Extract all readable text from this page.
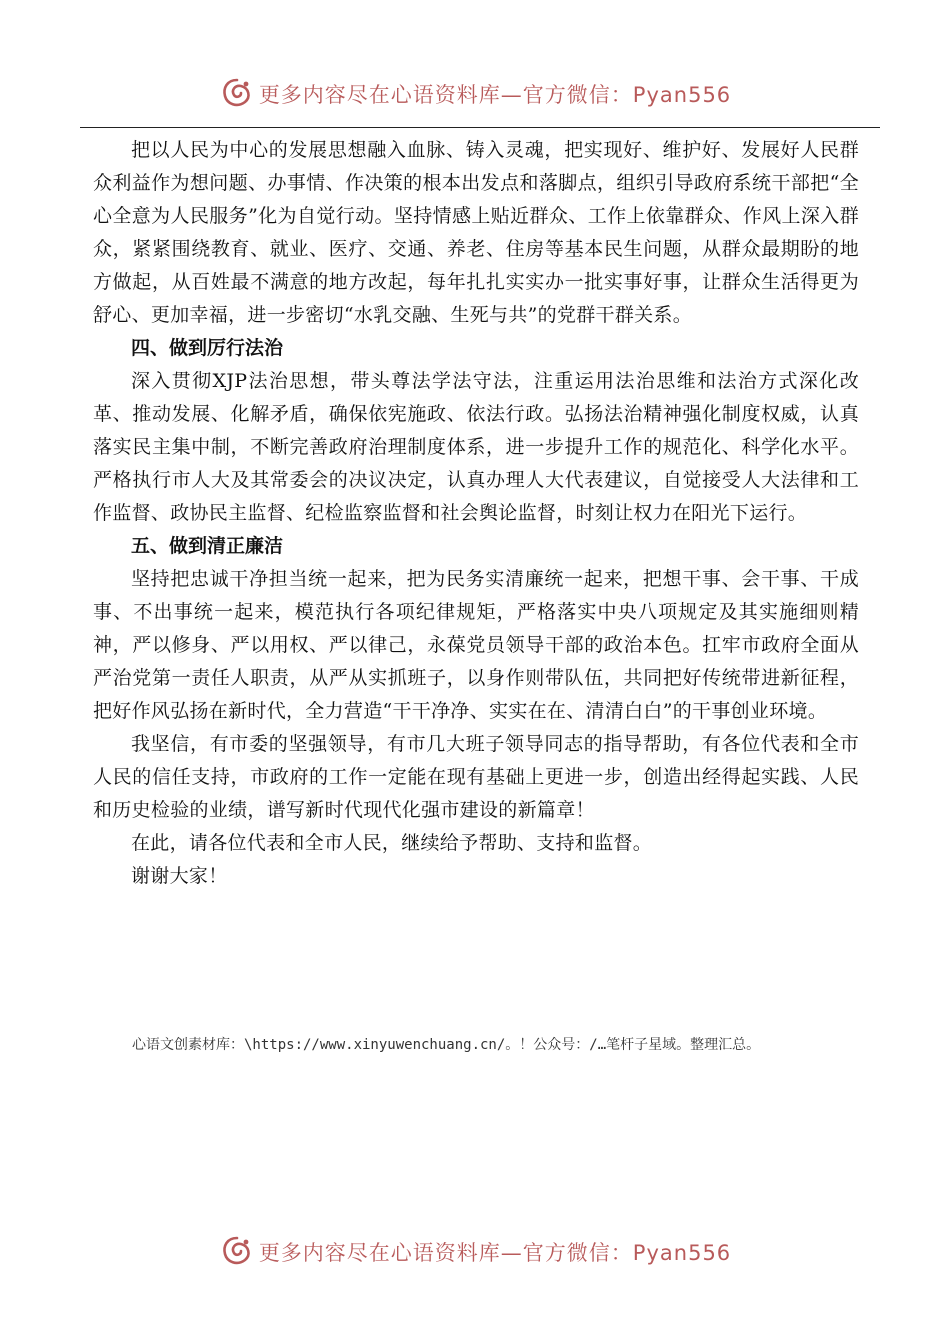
更多内容尽在心语资料库—官方微信：Pyan556

把以人民为中心的发展思想融入血脉、铸入灵魂，把实现好、维护好、发展好人民群众利益作为想问题、办事情、作决策的根本出发点和落脚点，组织引导政府系统干部把“全心全意为人民服务”化为自觉行动。坚持情感上贴近群众、工作上依靠群众、作风上深入群众，紧紧围绕教育、就业、医疗、交通、养老、住房等基本民生问题，从群众最期盼的地方做起，从百姓最不满意的地方改起，每年扎扎实实办一批实事好事，让群众生活得更为舒心、更加幸福，进一步密切“水乳交融、生死与共”的党群干群关系。

四、做到厉行法治

深入贯彻XJP法治思想，带头尊法学法守法，注重运用法治思维和法治方式深化改革、推动发展、化解矛盾，确保依宪施政、依法行政。弘扬法治精神强化制度权威，认真落实民主集中制，不断完善政府治理制度体系，进一步提升工作的规范化、科学化水平。严格执行市人大及其常委会的决议决定，认真办理人大代表建议，自觉接受人大法律和工作监督、政协民主监督、纪检监察监督和社会舆论监督，时刻让权力在阳光下运行。

五、做到清正廉洁

坚持把忠诚干净担当统一起来，把为民务实清廉统一起来，把想干事、会干事、干成事、不出事统一起来，模范执行各项纪律规矩，严格落实中央八项规定及其实施细则精神，严以修身、严以用权、严以律己，永葆党员领导干部的政治本色。扛牢市政府全面从严治党第一责任人职责，从严从实抓班子，以身作则带队伍，共同把好传统带进新征程，把好作风弘扬在新时代，全力营造“干干净净、实实在在、清清白白”的干事创业环境。

我坚信，有市委的坚强领导，有市几大班子领导同志的指导帮助，有各位代表和全市人民的信任支持，市政府的工作一定能在现有基础上更进一步，创造出经得起实践、人民和历史检验的业绩，谱写新时代现代化强市建设的新篇章！

在此，请各位代表和全市人民，继续给予帮助、支持和监督。

谢谢大家！

心语文创素材库：\https://www.xinyuwenchuang.cn/。！公众号：/…笔杆子星域。整理汇总。
更多内容尽在心语资料库—官方微信：Pyan556
